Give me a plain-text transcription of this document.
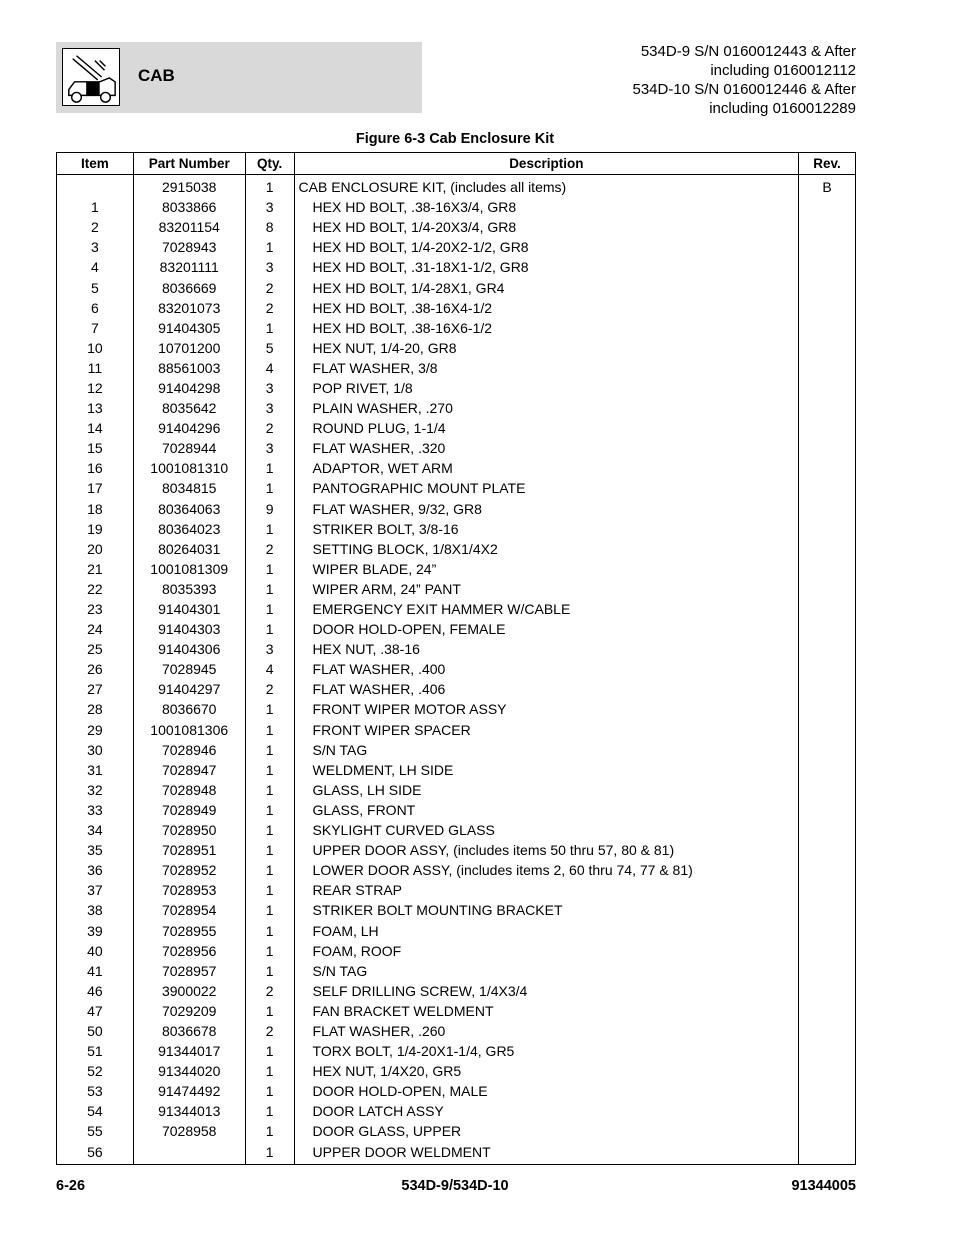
CAB
534D-9 S/N 0160012443 & After
including 0160012112
534D-10 S/N 0160012446 & After
including 0160012289
Figure 6-3 Cab Enclosure Kit
Item	Part Number	Qty.	Description	Rev.
	2915038	1	CAB ENCLOSURE KIT, (includes all items)	B
1	8033866	3	HEX HD BOLT, .38-16X3/4, GR8	
2	83201154	8	HEX HD BOLT, 1/4-20X3/4, GR8	
3	7028943	1	HEX HD BOLT, 1/4-20X2-1/2, GR8	
4	83201111	3	HEX HD BOLT, .31-18X1-1/2, GR8	
5	8036669	2	HEX HD BOLT, 1/4-28X1, GR4	
6	83201073	2	HEX HD BOLT, .38-16X4-1/2	
7	91404305	1	HEX HD BOLT, .38-16X6-1/2	
10	10701200	5	HEX NUT, 1/4-20, GR8	
11	88561003	4	FLAT WASHER, 3/8	
12	91404298	3	POP RIVET, 1/8	
13	8035642	3	PLAIN WASHER, .270	
14	91404296	2	ROUND PLUG, 1-1/4	
15	7028944	3	FLAT WASHER, .320	
16	1001081310	1	ADAPTOR, WET ARM	
17	8034815	1	PANTOGRAPHIC MOUNT PLATE	
18	80364063	9	FLAT WASHER, 9/32, GR8	
19	80364023	1	STRIKER BOLT, 3/8-16	
20	80264031	2	SETTING BLOCK, 1/8X1/4X2	
21	1001081309	1	WIPER BLADE, 24”	
22	8035393	1	WIPER ARM, 24” PANT	
23	91404301	1	EMERGENCY EXIT HAMMER W/CABLE	
24	91404303	1	DOOR HOLD-OPEN, FEMALE	
25	91404306	3	HEX NUT, .38-16	
26	7028945	4	FLAT WASHER, .400	
27	91404297	2	FLAT WASHER, .406	
28	8036670	1	FRONT WIPER MOTOR ASSY	
29	1001081306	1	FRONT WIPER SPACER	
30	7028946	1	S/N TAG	
31	7028947	1	WELDMENT, LH SIDE	
32	7028948	1	GLASS, LH SIDE	
33	7028949	1	GLASS, FRONT	
34	7028950	1	SKYLIGHT CURVED GLASS	
35	7028951	1	UPPER DOOR ASSY, (includes items 50 thru 57, 80 & 81)	
36	7028952	1	LOWER DOOR ASSY, (includes items 2, 60 thru 74, 77 & 81)	
37	7028953	1	REAR STRAP	
38	7028954	1	STRIKER BOLT MOUNTING BRACKET	
39	7028955	1	FOAM, LH	
40	7028956	1	FOAM, ROOF	
41	7028957	1	S/N TAG	
46	3900022	2	SELF DRILLING SCREW, 1/4X3/4	
47	7029209	1	FAN BRACKET WELDMENT	
50	8036678	2	FLAT WASHER, .260	
51	91344017	1	TORX BOLT, 1/4-20X1-1/4, GR5	
52	91344020	1	HEX NUT, 1/4X20, GR5	
53	91474492	1	DOOR HOLD-OPEN, MALE	
54	91344013	1	DOOR LATCH ASSY	
55	7028958	1	DOOR GLASS, UPPER	
56		1	UPPER DOOR WELDMENT	
6-26	534D-9/534D-10	91344005
